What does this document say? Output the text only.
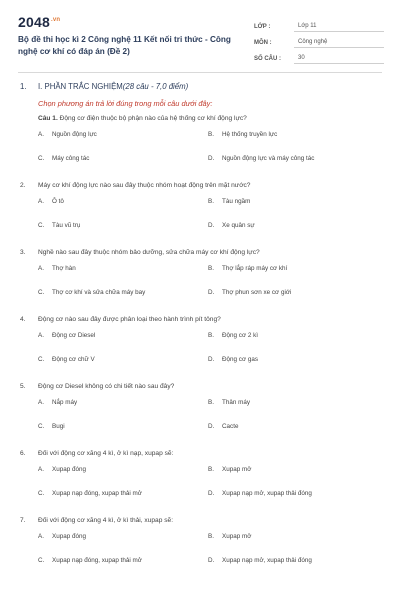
$2048^{.vn}$
Bộ đề thi học kì 2 Công nghệ 11 Kết nối tri thức - Công nghệ cơ khí có đáp án (Đề 2)
LỚP :	Lớp 11
MÔN :	Công nghệ
SỐ CÂU :	30
1. I. PHẦN TRẮC NGHIỆM(28 câu - 7,0 điểm)
Chọn phương án trả lời đúng trong mỗi câu dưới đây:
Câu 1. Động cơ điện thuộc bộ phận nào của hệ thống cơ khí động lực?
A. Nguồn động lực	B. Hệ thống truyền lực
C. Máy công tác	D. Nguồn động lực và máy công tác
2. Máy cơ khí động lực nào sau đây thuộc nhóm hoạt động trên mặt nước?
A. Ô tô	B. Tàu ngầm
C. Tàu vũ trụ	D. Xe quân sự
3. Nghề nào sau đây thuộc nhóm bảo dưỡng, sửa chữa máy cơ khí động lực?
A. Thợ hàn	B. Thợ lắp ráp máy cơ khí
C. Thợ cơ khí và sửa chữa máy bay	D. Thợ phun sơn xe cơ giới
4. Động cơ nào sau đây được phân loại theo hành trình pít tông?
A. Động cơ Diesel	B. Động cơ 2 kì
C. Động cơ chữ V	D. Động cơ gas
5. Động cơ Diesel không có chi tiết nào sau đây?
A. Nắp máy	B. Thân máy
C. Bugi	D. Cacte
6. Đối với động cơ xăng 4 kì, ở kì nạp, xupap sẽ:
A. Xupap đóng	B. Xupap mở
C. Xupap nạp đóng, xupap thải mở	D. Xupap nạp mở, xupap thải đóng
7. Đối với động cơ xăng 4 kì, ở kì thải, xupap sẽ:
A. Xupap đóng	B. Xupap mở
C. Xupap nạp đóng, xupap thải mở	D. Xupap nạp mở, xupap thải đóng
